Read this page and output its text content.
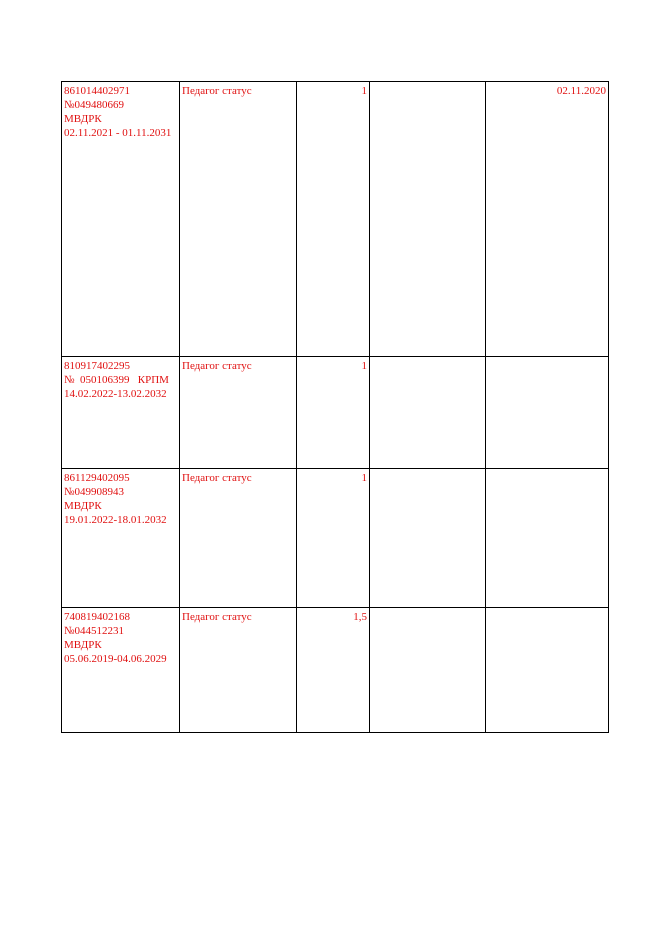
861014402971
№049480669
МВДРК
02.11.2021 - 01.11.2031	Педагог статус	1		02.11.2020

810917402295
№  050106399   КРПМ
14.02.2022-13.02.2032	Педагог статус	1		

861129402095
№049908943
МВДРК
19.01.2022-18.01.2032	Педагог статус	1		

740819402168
№044512231
МВДРК
05.06.2019-04.06.2029	Педагог статус	1,5		
